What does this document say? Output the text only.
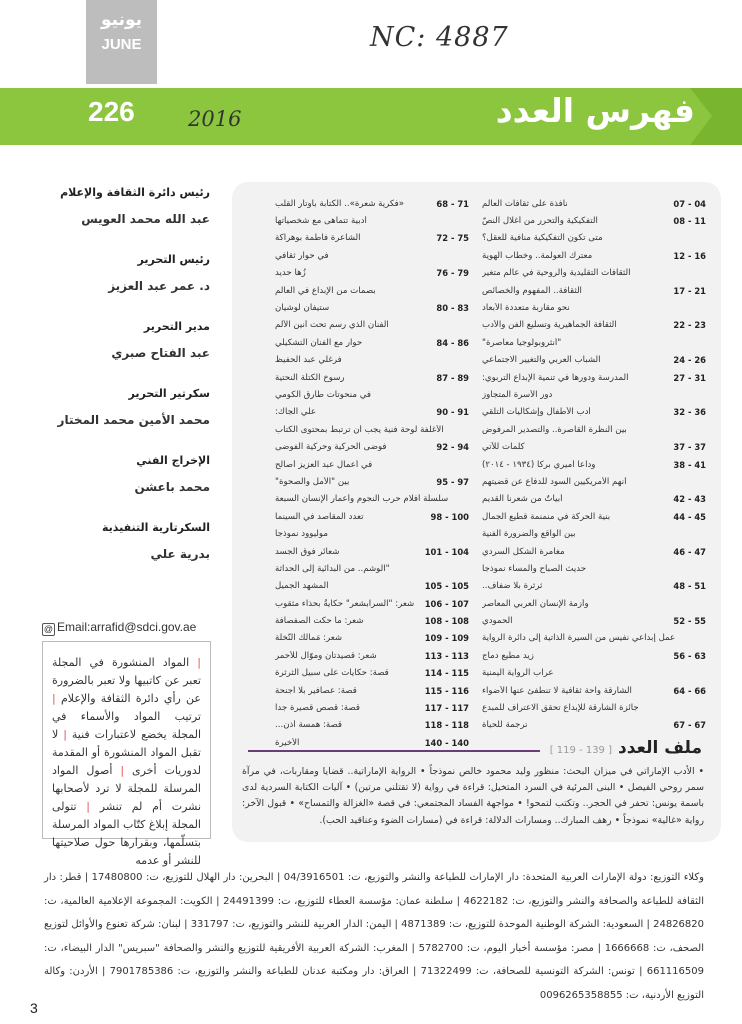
يونيو
JUNE	NC: 4887
226	2016	فهرس العدد
رئيس دائرة الثقافة والإعلام
عبد الله محمد العويس
رئيس التحرير
د. عمر عبد العزيز
مدير التحرير
عبد الفتاح صبري
سكرتير التحرير
محمد الأمين محمد المختار
الإخراج الفني
محمد باعشن
السكرتارية التنفيذية
بدرية علي
@ Email:arrafid@sdci.gov.ae
| المواد المنشورة في المجلة تعبر عن كاتبيها ولا تعبر بالضرورة عن رأي دائرة الثقافة والإعلام | ترتيب المواد والأسماء في المجلة يخضع لاعتبارات فنية | لا تقبل المواد المنشورة أو المقدمة لدوريات أخرى | أصول المواد المرسلة للمجلة لا ترد لأصحابها نشرت أم لم تنشر | تتولى المجلة إبلاغ كتّاب المواد المرسلة بتسلّمها، وبقرارها حول صلاحيتها للنشر أو عدمه
07 - 04
نافذة على ثقافات العالم
08 - 11
التفكيكية والتحرر من أغلال النصّ
متى تكون التفكيكية منافية للعقل؟
12 - 16
معترك العولمة.. وخطاب الهوية
الثقافات التقليدية والروحية في عالم متغير
17 - 21
الثقافة.. المفهوم والخصائص
نحو مقاربة متعددة الأبعاد
22 - 23
الثقافة الجماهيرية وتسليع الفن والأدب
"أنثروبولوجيا معاصرة"
24 - 26
الشباب العربي والتغيير الاجتماعي
27 - 31
المدرسة ودورها في تنمية الإبداع التربوي:
دور الأسرة المتجاوز
32 - 36
أدب الأطفال وإشكاليات التلقي
بين النظرة القاصرة.. والتصدير المرفوض
37 - 37
كلمات للآتي
38 - 41
وداعاً أميري بركا (١٩٣٤ - ٢٠١٤)
أنهم الأمريكيين السود للدفاع عن قضيتهم
42 - 43
أبياتٌ من شعرنا القديم
44 - 45
بنية الحركة في منمنمة قطيع الجمال
بين الواقع والضرورة الفنية
46 - 47
مغامرة الشكل السردي
حديث الصباح والمساء نموذجاً
48 - 51
ثرثرة بلا ضفاف..
وأزمة الإنسان العربي المعاصر
52 - 55
الحمودي
عمل إبداعي نفيس من السيرة الذاتية إلى دائرة الرواية
56 - 63
زيد مطيع دماج
عراب الرواية اليمنية
64 - 66
الشارقة واحة ثقافية لا تنطفئ عنها الأضواء
جائزة الشارقة للإبداع تحقق الاعتراف للمبدع
67 - 67
ترجمة للحياة
68 - 71
«فكرية شعرة».. الكتابة بأوتار القلب
أدبية تتماهى مع شخصياتها
72 - 75
الشاعرة فاطمة بوهراكة
في حوار ثقافي
76 - 79
زُها حديد
بصمات من الإبداع في العالم
80 - 83
ستيفان لوشيان
الفنان الذي رسم تحت أنين الألم
84 - 86
حوار مع الفنان التشكيلي
فرغلي عبد الحفيظ
87 - 89
رسوخ الكتلة النحتية
في منحوتات طارق الكومي
90 - 91
علي الجاك:
الأغلفة لوحة فنية يجب أن ترتبط بمحتوى الكتاب
92 - 94
فوضى الحركية وحركية الفوضى
في أعمال عبد العزيز أصالح
95 - 97
بين "الأمل والصحوة"
سلسلة أفلام حرب النجوم وأعمار الإنسان السبعة
98 - 100
تعدد المقاصد في السينما
موليوود نموذجاً
101 - 104
شعائر فوق الجسد
"الوشم.. من البدائية إلى الحداثة
105 - 105
المشهد الجميل
106 - 107
شعر: "السرابشعر" حكايةُ بحذاء مثقوب
108 - 108
شعر: ما حكت الصفصافة
109 - 109
شعر: مَمالك النَّخلة
113 - 113
شعر: قصيدتان وموّال للأحمر
114 - 115
قصة: حكايات على سبيل الثرثرة
115 - 116
قصة: عصافير بلا أجنحة
117 - 117
قصة: قصص قصيرة جداً
118 - 118
قصة: همسة أذن...
140 - 140
الأخيرة	ملف العدد[ 119 - 139 ]
• الأدب الإماراتي في ميزان البحث: منظور وليد محمود خالص نموذجاً • الرواية الإماراتية.. قضايا ومقاربات، في مرآة سمر روحي الفيصل • البنى المرئية في السرد المتخيل: قراءة في رواية (لا تقتلني مرتين) • آليات الكتابة السردية لدى باسمة يونس: تحفر في الحجر.. وتكتب لتمحو! • مواجهة الفساد المجتمعي: في قصة «الغزالة والتمساح» • قبول الآخر: رواية «غالية» نموذجاً • رهف المبارك.. ومسارات الدلالة: قراءة في (مسارات الضوء وعناقيد الحب).
وكلاء التوزيع: دولة الإمارات العربية المتحدة: دار الإمارات للطباعة والنشر والتوزيع، ت: 04/3916501 | البحرين: دار الهلال للتوزيع، ت: 17480800 | قطر: دار الثقافة للطباعة والصحافة والنشر والتوزيع، ت: 4622182 | سلطنة عمان: مؤسسة العطاء للتوزيع، ت: 24491399 | الكويت: المجموعة الإعلامية العالمية، ت: 24826820 | السعودية: الشركة الوطنية الموحدة للتوزيع، ت: 4871389 | اليمن: الدار العربية للنشر والتوزيع، ت: 331797 | لبنان: شركة تعنوع والأوائل لتوزيع الصحف، ت: 1666668 | مصر: مؤسسة أخبار اليوم، ت: 5782700 | المغرب: الشركة العربية الأفريقية للتوزيع والنشر والصحافة "سبريس" الدار البيضاء، ت: 661116509 | تونس: الشركة التونسية للصحافة، ت: 71322499 | العراق: دار ومكتبة عدنان للطباعة والنشر والتوزيع، ت: 7901785386 | الأردن: وكالة التوزيع الأردنية، ت: 0096265358855
3
